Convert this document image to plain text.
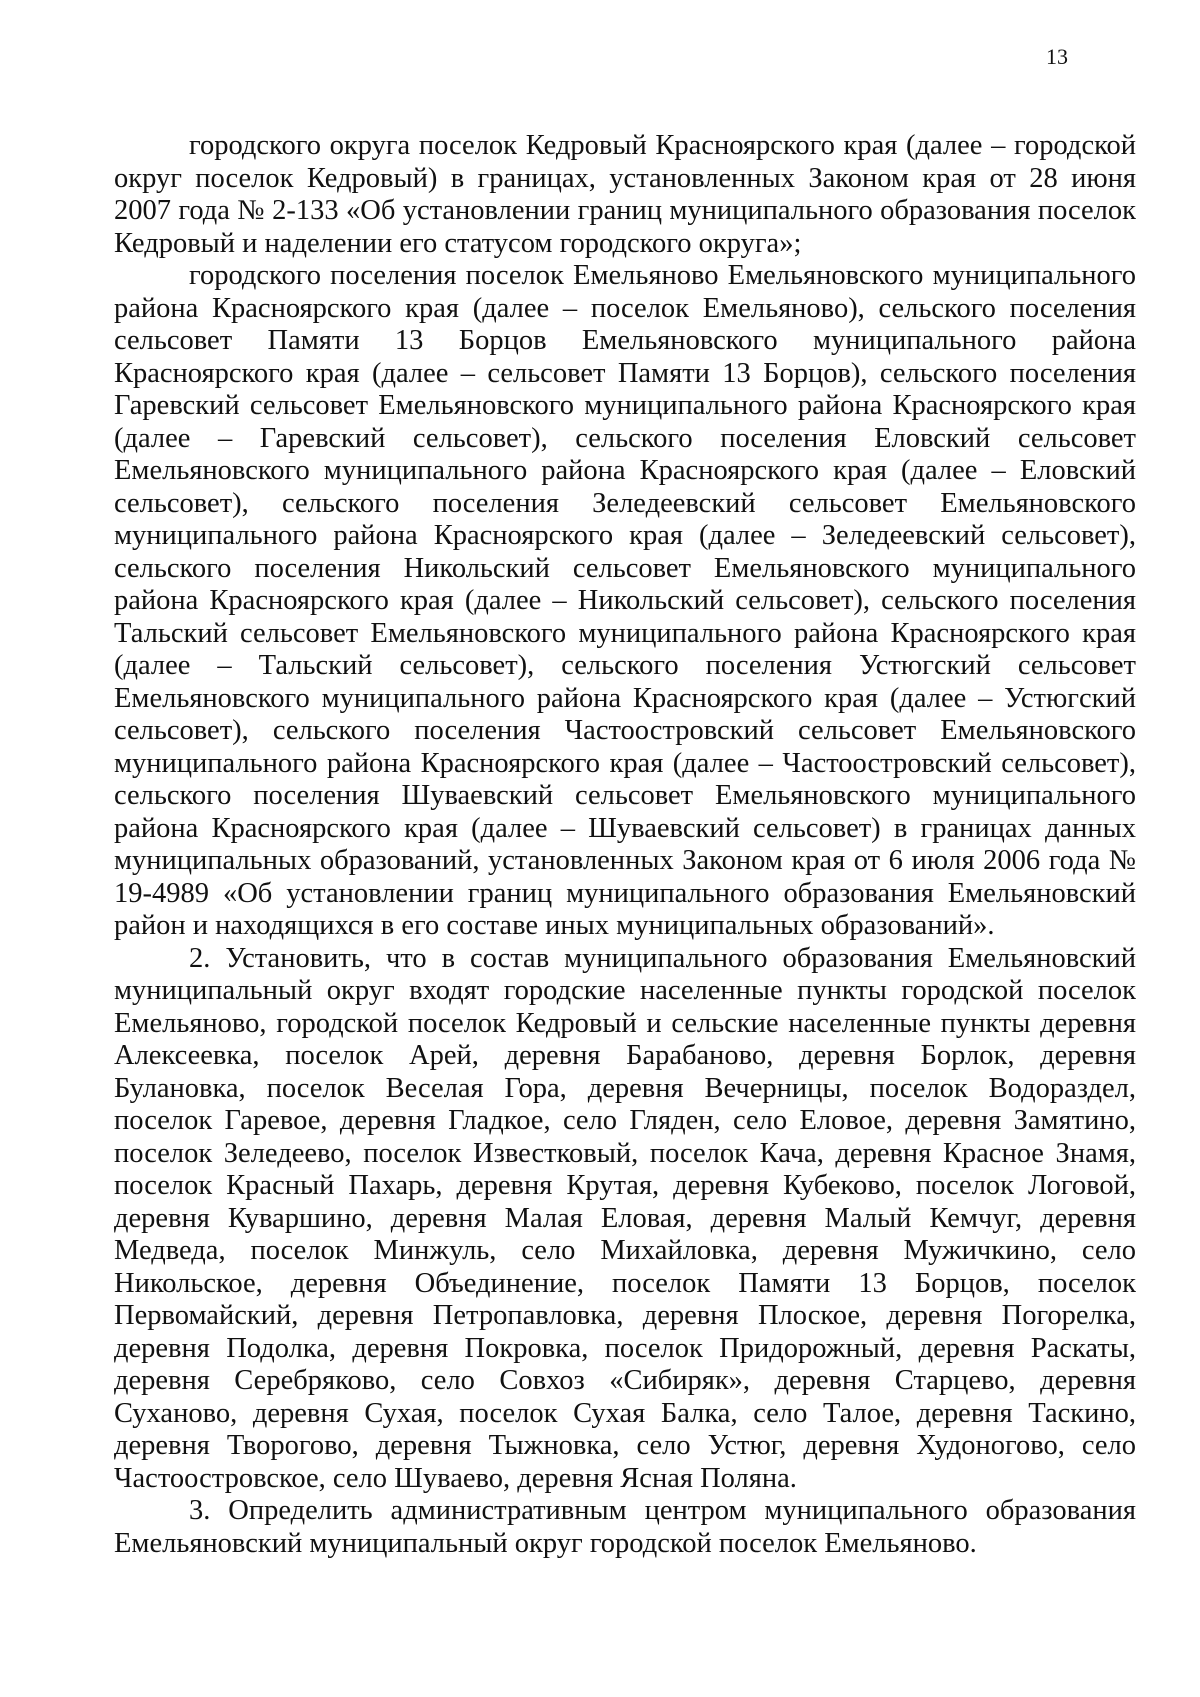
13

городского округа поселок Кедровый Красноярского края (далее – городской округ поселок Кедровый) в границах, установленных Законом края от 28 июня 2007 года № 2-133 «Об установлении границ муниципального образования поселок Кедровый и наделении его статусом городского округа»;

городского поселения поселок Емельяново Емельяновского муниципального района Красноярского края (далее – поселок Емельяново), сельского поселения сельсовет Памяти 13 Борцов Емельяновского муниципального района Красноярского края (далее – сельсовет Памяти 13 Борцов), сельского поселения Гаревский сельсовет Емельяновского муниципального района Красноярского края (далее – Гаревский сельсовет), сельского поселения Еловский сельсовет Емельяновского муниципального района Красноярского края (далее – Еловский сельсовет), сельского поселения Зеледеевский сельсовет Емельяновского муниципального района Красноярского края (далее – Зеледеевский сельсовет), сельского поселения Никольский сельсовет Емельяновского муниципального района Красноярского края (далее – Никольский сельсовет), сельского поселения Тальский сельсовет Емельяновского муниципального района Красноярского края (далее – Тальский сельсовет), сельского поселения Устюгский сельсовет Емельяновского муниципального района Красноярского края (далее – Устюгский сельсовет), сельского поселения Частоостровский сельсовет Емельяновского муниципального района Красноярского края (далее – Частоостровский сельсовет), сельского поселения Шуваевский сельсовет Емельяновского муниципального района Красноярского края (далее – Шуваевский сельсовет) в границах данных муниципальных образований, установленных Законом края от 6 июля 2006 года № 19-4989 «Об установлении границ муниципального образования Емельяновский район и находящихся в его составе иных муниципальных образований».

2. Установить, что в состав муниципального образования Емельяновский муниципальный округ входят городские населенные пункты городской поселок Емельяново, городской поселок Кедровый и сельские населенные пункты деревня Алексеевка, поселок Арей, деревня Барабаново, деревня Борлок, деревня Булановка, поселок Веселая Гора, деревня Вечерницы, поселок Водораздел, поселок Гаревое, деревня Гладкое, село Гляден, село Еловое, деревня Замятино, поселок Зеледеево, поселок Известковый, поселок Кача, деревня Красное Знамя, поселок Красный Пахарь, деревня Крутая, деревня Кубеково, поселок Логовой, деревня Куваршино, деревня Малая Еловая, деревня Малый Кемчуг, деревня Медведа, поселок Минжуль, село Михайловка, деревня Мужичкино, село Никольское, деревня Объединение, поселок Памяти 13 Борцов, поселок Первомайский, деревня Петропавловка, деревня Плоское, деревня Погорелка, деревня Подолка, деревня Покровка, поселок Придорожный, деревня Раскаты, деревня Серебряково, село Совхоз «Сибиряк», деревня Старцево, деревня Суханово, деревня Сухая, поселок Сухая Балка, село Талое, деревня Таскино, деревня Творогово, деревня Тыжновка, село Устюг, деревня Худоногово, село Частоостровское, село Шуваево, деревня Ясная Поляна.

3. Определить административным центром муниципального образования Емельяновский муниципальный округ городской поселок Емельяново.
